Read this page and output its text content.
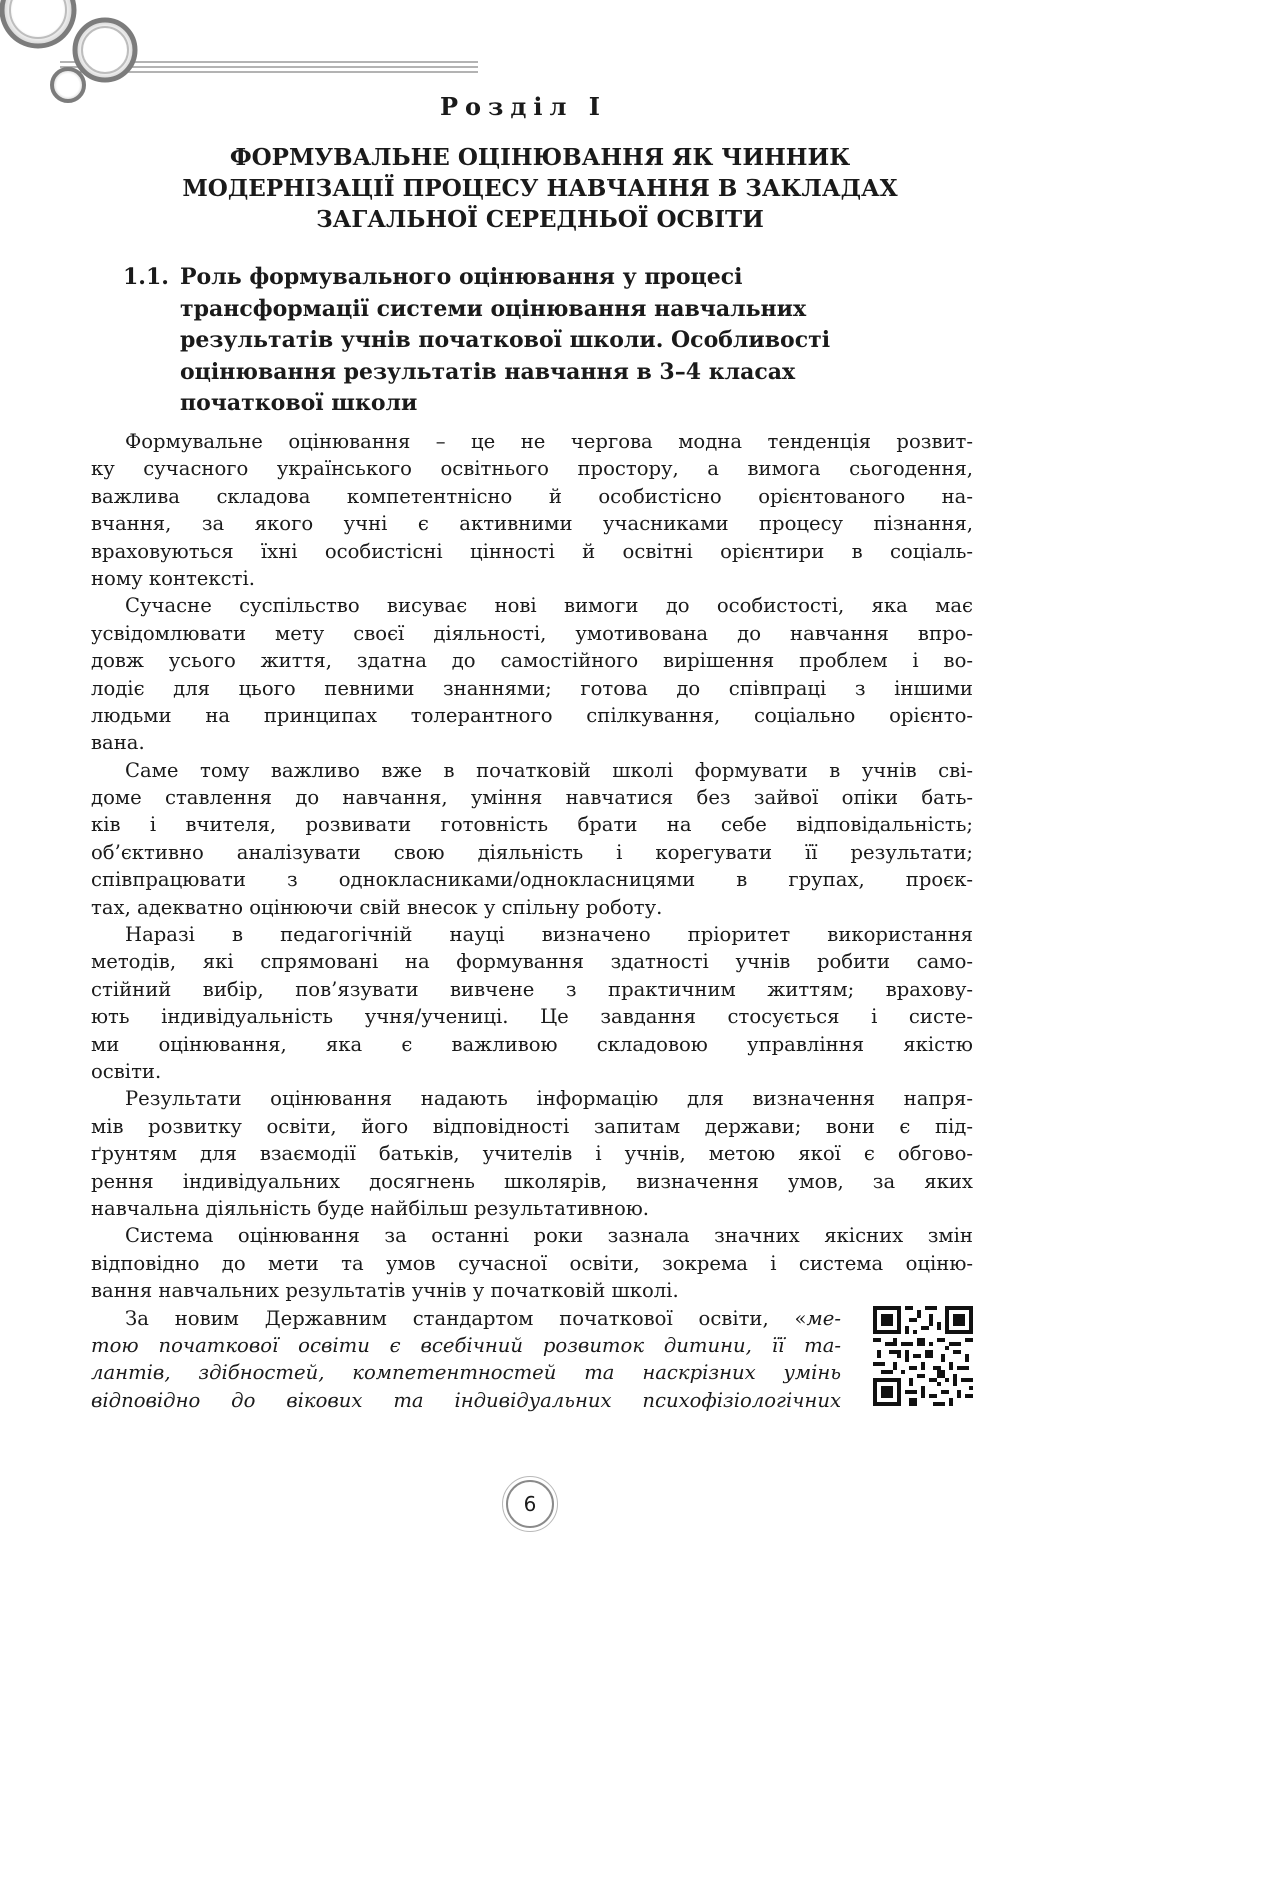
Розділ І
ФОРМУВАЛЬНЕ ОЦІНЮВАННЯ ЯК ЧИННИК
МОДЕРНІЗАЦІЇ ПРОЦЕСУ НАВЧАННЯ В ЗАКЛАДАХ
ЗАГАЛЬНОЇ СЕРЕДНЬОЇ ОСВІТИ
1.1. Роль формувального оцінювання у процесі
трансформації системи оцінювання навчальних
результатів учнів початкової школи. Особливості
оцінювання результатів навчання в 3–4 класах
початкової школи
Формувальне оцінювання – це не чергова модна тенденція розвит-
ку сучасного українського освітнього простору, а вимога сьогодення,
важлива складова компетентнісно й особистісно орієнтованого на-
вчання, за якого учні є активними учасниками процесу пізнання,
враховуються їхні особистісні цінності й освітні орієнтири в соціаль-
ному контексті.
Сучасне суспільство висуває нові вимоги до особистості, яка має
усвідомлювати мету своєї діяльності, умотивована до навчання впро-
довж усього життя, здатна до самостійного вирішення проблем і во-
лодіє для цього певними знаннями; готова до співпраці з іншими
людьми на принципах толерантного спілкування, соціально орієнто-
вана.
Саме тому важливо вже в початковій школі формувати в учнів сві-
доме ставлення до навчання, уміння навчатися без зайвої опіки бать-
ків і вчителя, розвивати готовність брати на себе відповідальність;
об’єктивно аналізувати свою діяльність і корегувати її результати;
співпрацювати з однокласниками/однокласницями в групах, проєк-
тах, адекватно оцінюючи свій внесок у спільну роботу.
Наразі в педагогічній науці визначено пріоритет використання
методів, які спрямовані на формування здатності учнів робити само-
стійний вибір, пов’язувати вивчене з практичним життям; врахову-
ють індивідуальність учня/учениці. Це завдання стосується і систе-
ми оцінювання, яка є важливою складовою управління якістю
освіти.
Результати оцінювання надають інформацію для визначення напря-
мів розвитку освіти, його відповідності запитам держави; вони є під-
ґрунтям для взаємодії батьків, учителів і учнів, метою якої є обгово-
рення індивідуальних досягнень школярів, визначення умов, за яких
навчальна діяльність буде найбільш результативною.
Система оцінювання за останні роки зазнала значних якісних змін
відповідно до мети та умов сучасної освіти, зокрема і система оціню-
вання навчальних результатів учнів у початковій школі.
За новим Державним стандартом початкової освіти, «ме-
тою початкової освіти є всебічний розвиток дитини, її та-
лантів, здібностей, компетентностей та наскрізних умінь
відповідно до вікових та індивідуальних психофізіологічних
6
